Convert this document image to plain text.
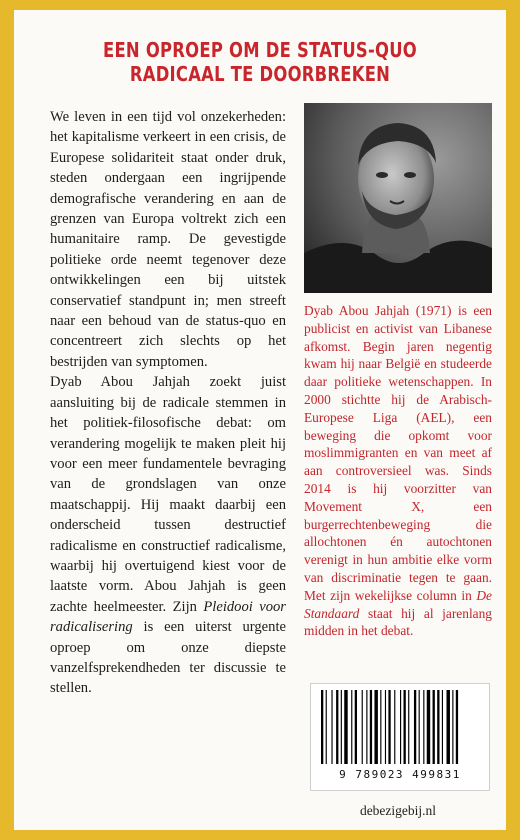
EEN OPROEP OM DE STATUS-QUO
RADICAAL TE DOORBREKEN

We leven in een tijd vol onzekerheden: het kapitalisme verkeert in een crisis, de Europese solidariteit staat onder druk, steden ondergaan een ingrijpende demografische verandering en aan de grenzen van Europa voltrekt zich een humanitaire ramp. De gevestigde politieke orde neemt tegenover deze ontwikkelingen een bij uitstek conservatief standpunt in; men streeft naar een behoud van de status-quo en concentreert zich slechts op het bestrijden van symptomen.

Dyab Abou Jahjah zoekt juist aansluiting bij de radicale stemmen in het politiek-filosofische debat: om verandering mogelijk te maken pleit hij voor een meer fundamentele bevraging van de grondslagen van onze maatschappij. Hij maakt daarbij een onderscheid tussen destructief radicalisme en constructief radicalisme, waarbij hij overtuigend kiest voor de laatste vorm. Abou Jahjah is geen zachte heelmeester. Zijn Pleidooi voor radicalisering is een uiterst urgente oproep om onze diepste vanzelfsprekendheden ter discussie te stellen.

Dyab Abou Jahjah (1971) is een publicist en activist van Libanese afkomst. Begin jaren negentig kwam hij naar België en studeerde daar politieke wetenschappen. In 2000 stichtte hij de Arabisch-Europese Liga (AEL), een beweging die opkomt voor moslimmigranten en van meet af aan controversieel was. Sinds 2014 is hij voorzitter van Movement X, een burgerrechtenbeweging die allochtonen én autochtonen verenigt in hun ambitie elke vorm van discriminatie tegen te gaan. Met zijn wekelijkse column in De Standaard staat hij al jarenlang midden in het debat.

9 789023 499831
debezigebij.nl
